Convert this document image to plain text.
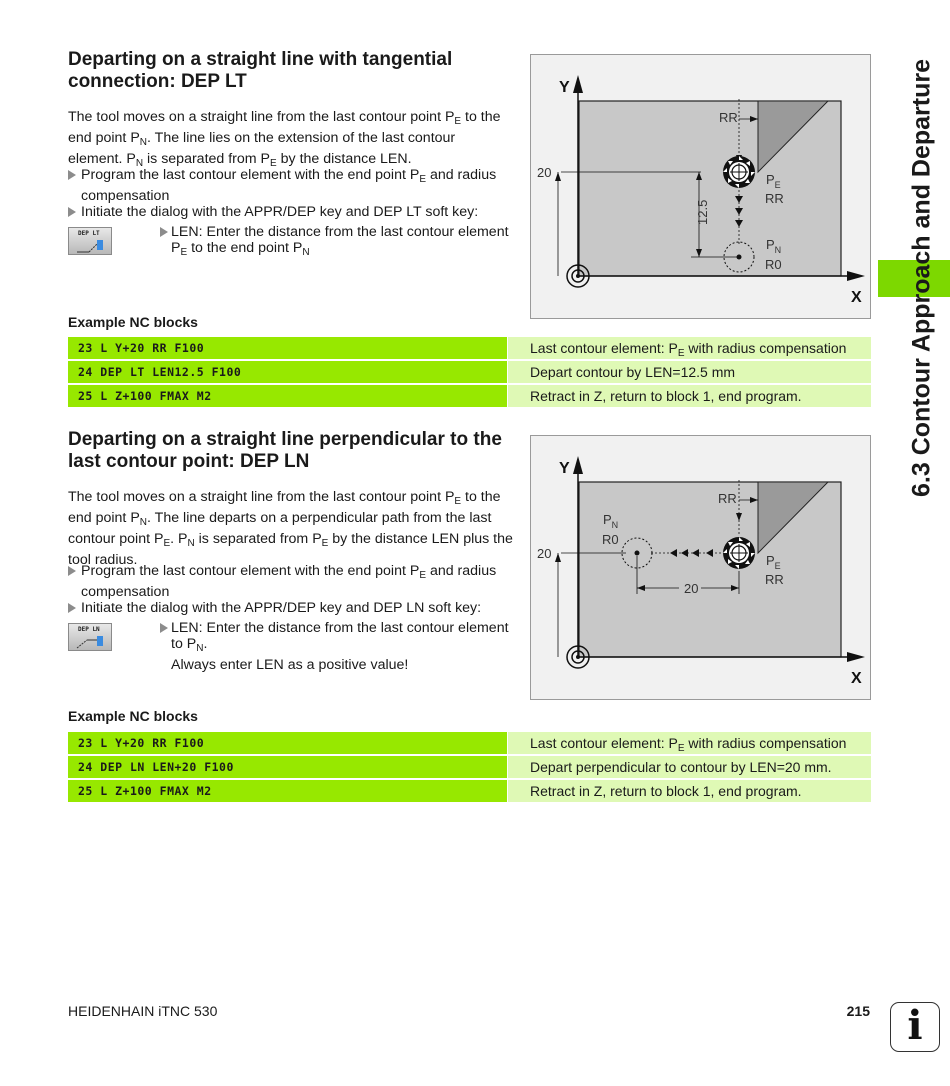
Departing on a straight line with tangential
connection: DEP LT

The tool moves on a straight line from the last contour point $P_E$ to the end point $P_N$. The line lies on the extension of the last contour element. $P_N$ is separated from $P_E$ by the distance LEN.

Program the last contour element with the end point $P_E$ and radius compensation
Initiate the dialog with the APPR/DEP key and DEP LT soft key:
DEP LT	LEN: Enter the distance from the last contour element $P_E$ to the end point $P_N$
Y
X
20
RR
12.5
$P_E$
RR
$P_N$
R0
Example NC blocks
23 L Y+20 RR F100	Last contour element: $P_E$ with radius compensation
24 DEP LT LEN12.5 F100	Depart contour by LEN=12.5 mm
25 L Z+100 FMAX M2	Retract in Z, return to block 1, end program.
Departing on a straight line perpendicular to the
last contour point: DEP LN

The tool moves on a straight line from the last contour point $P_E$ to the end point $P_N$. The line departs on a perpendicular path from the last contour point $P_E$. $P_N$ is separated from $P_E$ by the distance LEN plus the tool radius.

Program the last contour element with the end point $P_E$ and radius compensation
Initiate the dialog with the APPR/DEP key and DEP LN soft key:
DEP LN	LEN: Enter the distance from the last contour element to $P_N$.
Always enter LEN as a positive value!
Y
X
20
RR
20
$P_E$
RR
$P_N$
R0
Example NC blocks
23 L Y+20 RR F100	Last contour element: $P_E$ with radius compensation
24 DEP LN LEN+20 F100	Depart perpendicular to contour by LEN=20 mm.
25 L Z+100 FMAX M2	Retract in Z, return to block 1, end program.
6.3 Contour Approach and Departure
HEIDENHAIN iTNC 530	215 i
